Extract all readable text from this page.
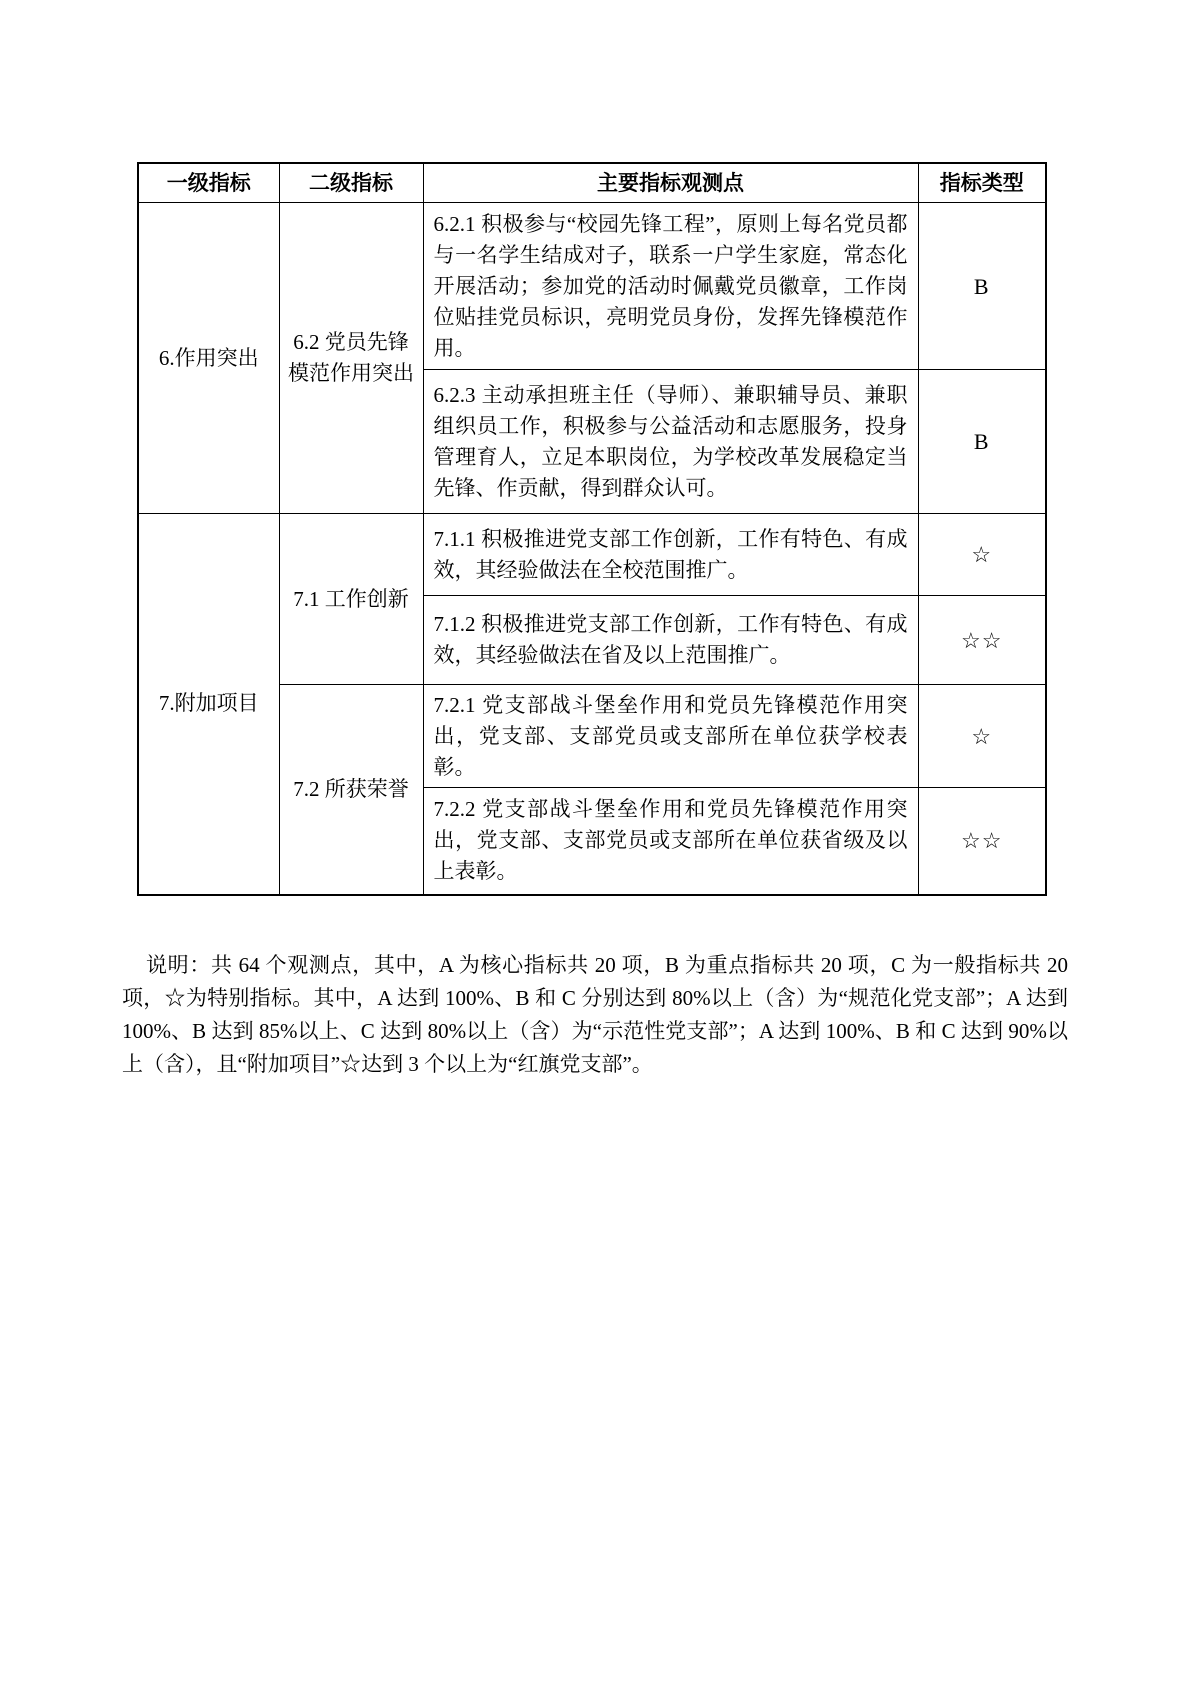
一级指标	二级指标	主要指标观测点	指标类型
6.作用突出	6.2 党员先锋模范作用突出	6.2.1 积极参与“校园先锋工程”，原则上每名党员都与一名学生结成对子，联系一户学生家庭，常态化开展活动；参加党的活动时佩戴党员徽章，工作岗位贴挂党员标识，亮明党员身份，发挥先锋模范作用。	B
		6.2.3 主动承担班主任（导师）、兼职辅导员、兼职组织员工作，积极参与公益活动和志愿服务，投身管理育人，立足本职岗位，为学校改革发展稳定当先锋、作贡献，得到群众认可。	B
7.附加项目	7.1 工作创新	7.1.1 积极推进党支部工作创新，工作有特色、有成效，其经验做法在全校范围推广。	☆
		7.1.2 积极推进党支部工作创新，工作有特色、有成效，其经验做法在省及以上范围推广。	☆☆
	7.2 所获荣誉	7.2.1 党支部战斗堡垒作用和党员先锋模范作用突出，党支部、支部党员或支部所在单位获学校表彰。	☆
		7.2.2 党支部战斗堡垒作用和党员先锋模范作用突出，党支部、支部党员或支部所在单位获省级及以上表彰。	☆☆

说明：共 64 个观测点，其中，A 为核心指标共 20 项，B 为重点指标共 20 项，C 为一般指标共 20 项，☆为特别指标。其中，A 达到 100%、B 和 C 分别达到 80%以上（含）为“规范化党支部”；A 达到 100%、B 达到 85%以上、C 达到 80%以上（含）为“示范性党支部”；A 达到 100%、B 和 C 达到 90%以上（含），且“附加项目”☆达到 3 个以上为“红旗党支部”。
